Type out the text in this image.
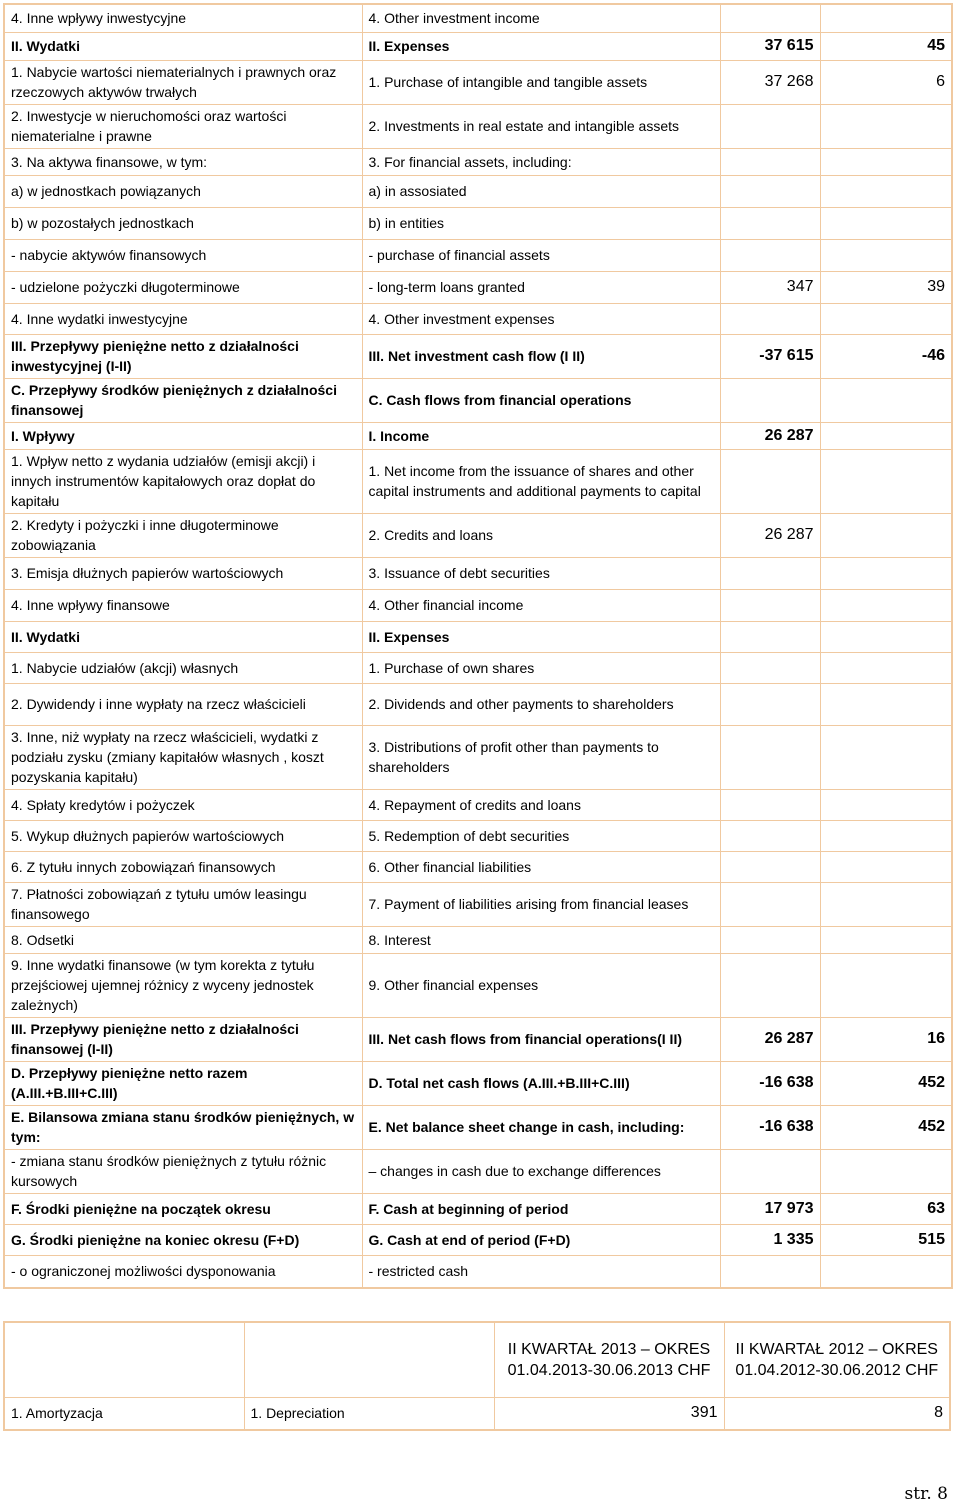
4. Inne wpływy inwestycyjne	4. Other investment income		
II. Wydatki	II. Expenses	37 615	45
1. Nabycie wartości niematerialnych i prawnych oraz rzeczowych aktywów trwałych	1. Purchase of intangible and tangible assets	37 268	6
2. Inwestycje w nieruchomości oraz wartości niematerialne i prawne	2. Investments in real estate and intangible assets		
3. Na aktywa finansowe, w tym:	3. For financial assets, including:		
a) w jednostkach powiązanych	a) in assosiated		
b) w pozostałych jednostkach	b) in entities		
- nabycie aktywów finansowych	- purchase of financial assets		
- udzielone pożyczki długoterminowe	- long-term loans granted	347	39
4. Inne wydatki inwestycyjne	4. Other investment expenses		
III. Przepływy pieniężne netto z działalności inwestycyjnej (I-II)	III. Net investment cash flow (I II)	-37 615	-46
C. Przepływy środków pieniężnych z działalności finansowej	C. Cash flows from financial operations		
I. Wpływy	I. Income	26 287	
1. Wpływ netto z wydania udziałów (emisji akcji) i innych instrumentów kapitałowych oraz dopłat do kapitału	1. Net income from the issuance of shares and other capital instruments and additional payments to capital		
2. Kredyty i pożyczki i inne długoterminowe zobowiązania	2. Credits and loans	26 287	
3. Emisja dłużnych papierów wartościowych	3. Issuance of debt securities		
4. Inne wpływy finansowe	4. Other financial income		
II. Wydatki	II. Expenses		
1. Nabycie udziałów (akcji) własnych	1. Purchase of own shares		
2. Dywidendy i inne wypłaty na rzecz właścicieli	2. Dividends and other payments to shareholders		
3. Inne, niż wypłaty na rzecz właścicieli, wydatki z podziału zysku (zmiany kapitałów własnych , koszt pozyskania kapitału)	3. Distributions of profit other than payments to shareholders		
4. Spłaty kredytów i pożyczek	4. Repayment of credits and loans		
5. Wykup dłużnych papierów wartościowych	5. Redemption of debt securities		
6. Z tytułu innych zobowiązań finansowych	6. Other financial liabilities		
7. Płatności zobowiązań z tytułu umów leasingu finansowego	7. Payment of liabilities arising from financial leases		
8. Odsetki	8. Interest		
9. Inne wydatki finansowe (w tym korekta z tytułu przejściowej ujemnej różnicy z wyceny jednostek zależnych)	9. Other financial expenses		
III. Przepływy pieniężne netto z działalności finansowej (I-II)	III. Net cash flows from financial operations(I II)	26 287	16
D. Przepływy pieniężne netto razem (A.III.+B.III+C.III)	D. Total net cash flows (A.III.+B.III+C.III)	-16 638	452
E. Bilansowa zmiana stanu środków pieniężnych, w tym:	E. Net balance sheet change in cash, including:	-16 638	452
- zmiana stanu środków pieniężnych z tytułu różnic kursowych	– changes in cash due to exchange differences		
F. Środki pieniężne na początek okresu	F. Cash at beginning of period	17 973	63
G. Środki pieniężne na koniec okresu (F+D)	G. Cash at end of period (F+D)	1 335	515
- o ograniczonej możliwości dysponowania	- restricted cash		
		II KWARTAŁ 2013 – OKRES 01.04.2013-30.06.2013 CHF	II KWARTAŁ 2012 – OKRES 01.04.2012-30.06.2012 CHF
1. Amortyzacja	1. Depreciation	391	8
str. 8
